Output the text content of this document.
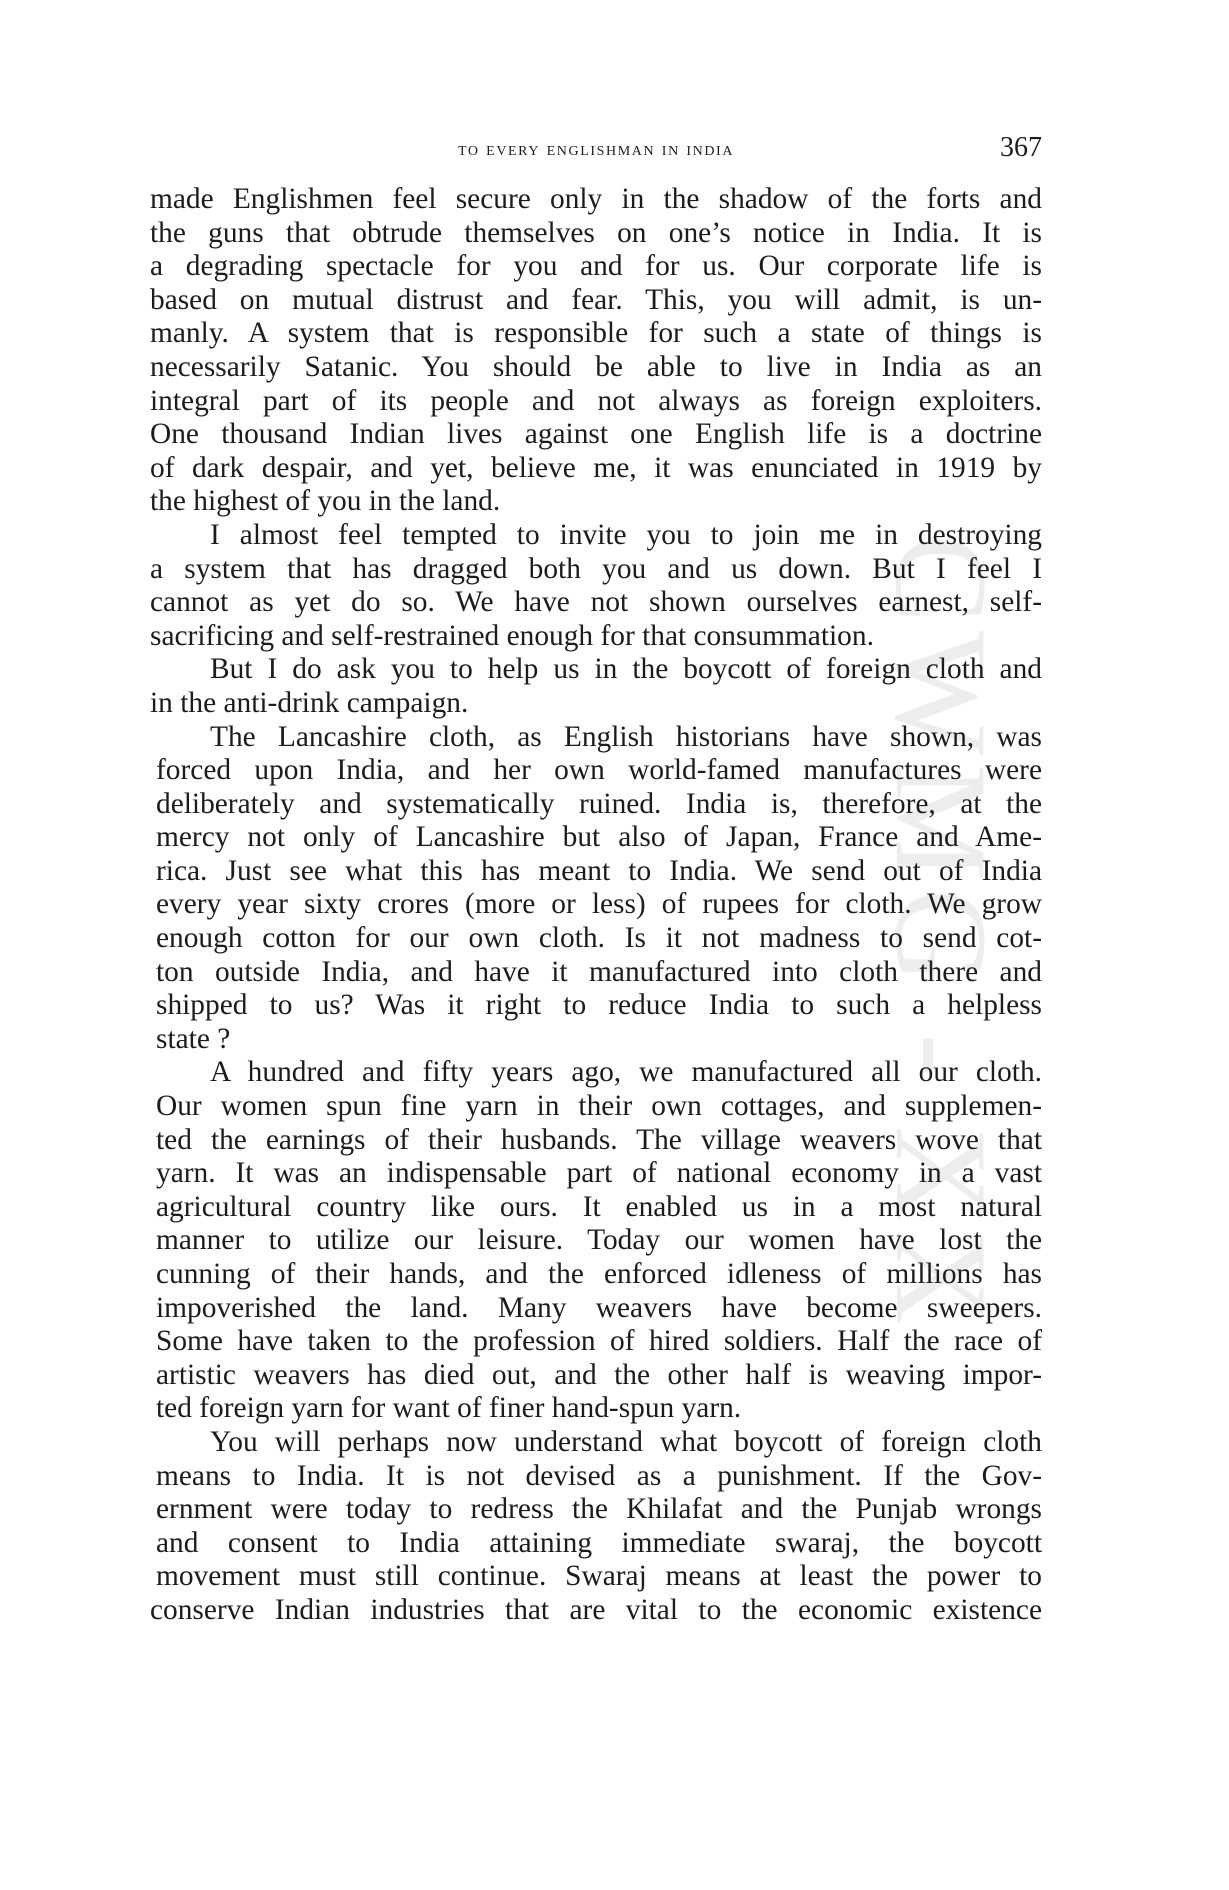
to every englishman in india	367
CWMG - XX
made Englishmen feel secure only in the shadow of the forts and
the guns that obtrude themselves on one’s notice in India. It is
a degrading spectacle for you and for us. Our corporate life is
based on mutual distrust and fear. This, you will admit, is un-
manly. A system that is responsible for such a state of things is
necessarily Satanic. You should be able to live in India as an
integral part of its people and not always as foreign exploiters.
One thousand Indian lives against one English life is a doctrine
of dark despair, and yet, believe me, it was enunciated in 1919 by
the highest of you in the land.
I almost feel tempted to invite you to join me in destroying
a system that has dragged both you and us down. But I feel I
cannot as yet do so. We have not shown ourselves earnest, self-
sacrificing and self-restrained enough for that consummation.
But I do ask you to help us in the boycott of foreign cloth and
in the anti-drink campaign.
The Lancashire cloth, as English historians have shown, was
forced upon India, and her own world-famed manufactures were
deliberately and systematically ruined. India is, therefore, at the
mercy not only of Lancashire but also of Japan, France and Ame-
rica. Just see what this has meant to India. We send out of India
every year sixty crores (more or less) of rupees for cloth. We grow
enough cotton for our own cloth. Is it not madness to send cot-
ton outside India, and have it manufactured into cloth there and
shipped to us? Was it right to reduce India to such a helpless
state ?
A hundred and fifty years ago, we manufactured all our cloth.
Our women spun fine yarn in their own cottages, and supplemen-
ted the earnings of their husbands. The village weavers wove that
yarn. It was an indispensable part of national economy in a vast
agricultural country like ours. It enabled us in a most natural
manner to utilize our leisure. Today our women have lost the
cunning of their hands, and the enforced idleness of millions has
impoverished the land. Many weavers have become sweepers.
Some have taken to the profession of hired soldiers. Half the race of
artistic weavers has died out, and the other half is weaving impor-
ted foreign yarn for want of finer hand-spun yarn.
You will perhaps now understand what boycott of foreign cloth
means to India. It is not devised as a punishment. If the Gov-
ernment were today to redress the Khilafat and the Punjab wrongs
and consent to India attaining immediate swaraj, the boycott
movement must still continue. Swaraj means at least the power to
conserve Indian industries that are vital to the economic existence
